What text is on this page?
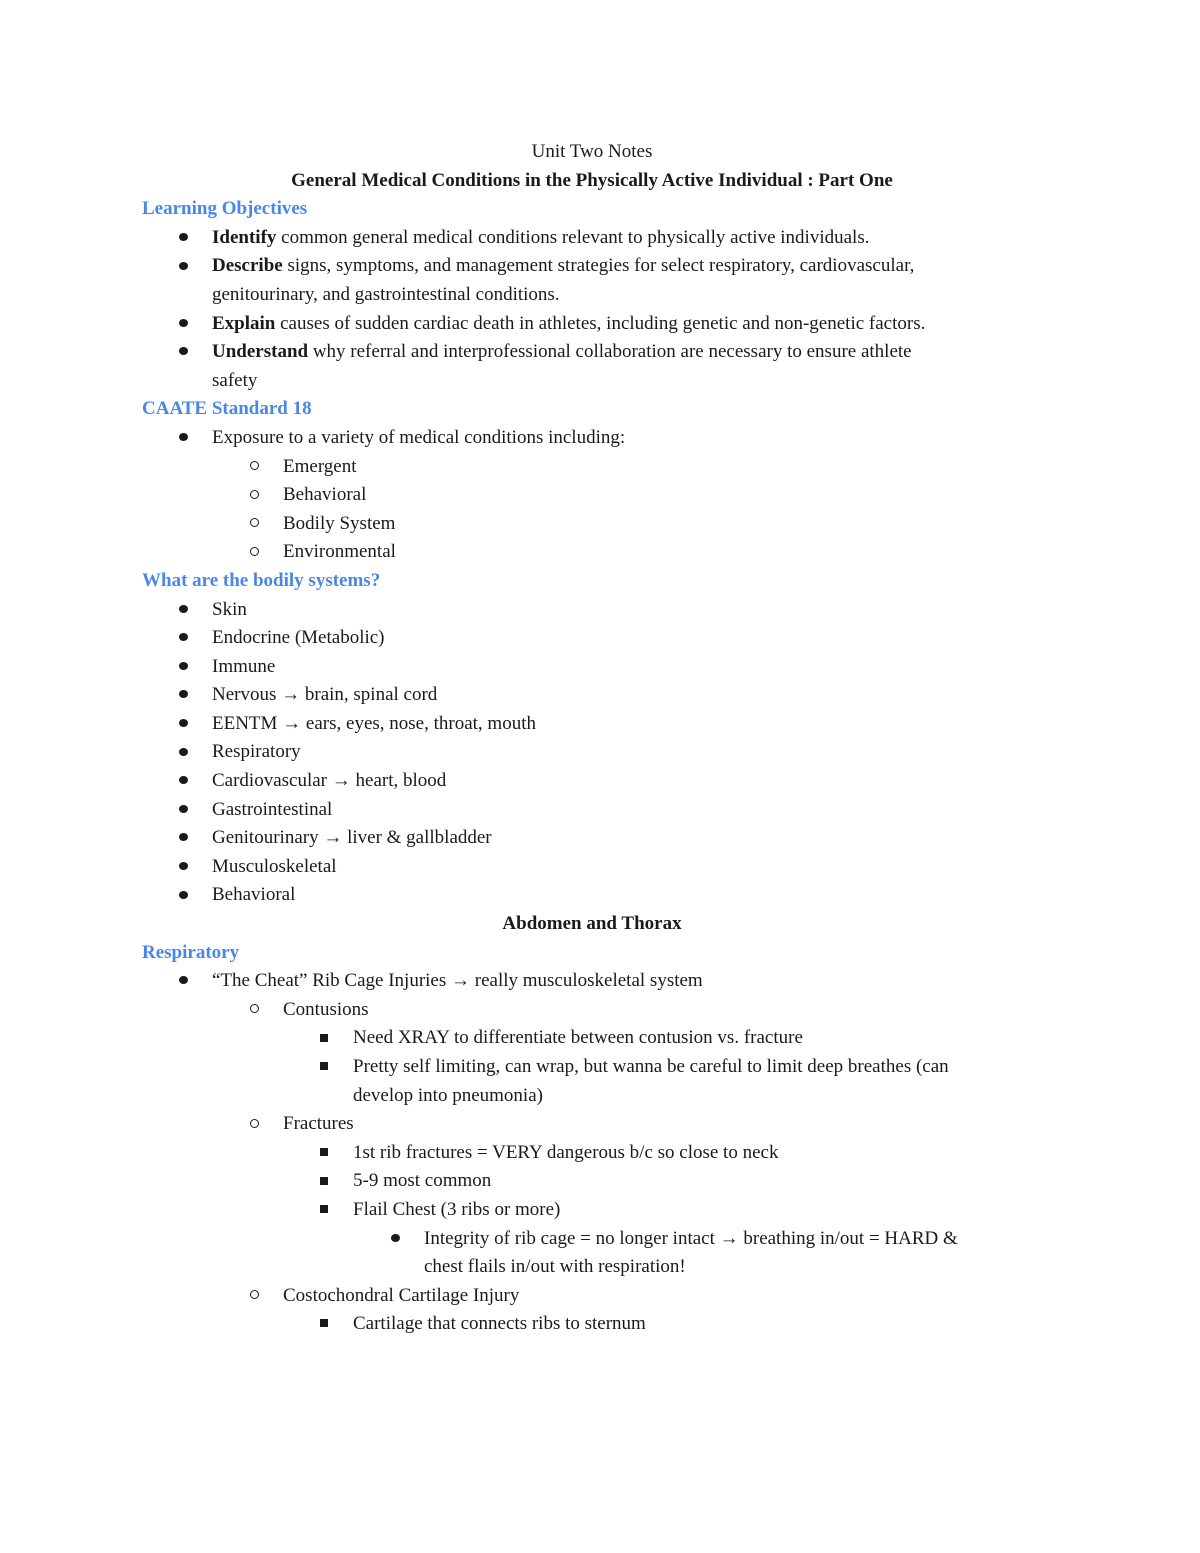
Unit Two Notes
General Medical Conditions in the Physically Active Individual : Part One
Learning Objectives
Identify common general medical conditions relevant to physically active individuals.
Describe signs, symptoms, and management strategies for select respiratory, cardiovascular,
genitourinary, and gastrointestinal conditions.
Explain causes of sudden cardiac death in athletes, including genetic and non-genetic factors.
Understand why referral and interprofessional collaboration are necessary to ensure athlete
safety
CAATE Standard 18
Exposure to a variety of medical conditions including:
Emergent
Behavioral
Bodily System
Environmental
What are the bodily systems?
Skin
Endocrine (Metabolic)
Immune
Nervous → brain, spinal cord
EENTM → ears, eyes, nose, throat, mouth
Respiratory
Cardiovascular → heart, blood
Gastrointestinal
Genitourinary → liver & gallbladder
Musculoskeletal
Behavioral
Abdomen and Thorax
Respiratory
“The Cheat” Rib Cage Injuries → really musculoskeletal system
Contusions
Need XRAY to differentiate between contusion vs. fracture
Pretty self limiting, can wrap, but wanna be careful to limit deep breathes (can
develop into pneumonia)
Fractures
1st rib fractures = VERY dangerous b/c so close to neck
5-9 most common
Flail Chest (3 ribs or more)
Integrity of rib cage = no longer intact → breathing in/out = HARD &
chest flails in/out with respiration!
Costochondral Cartilage Injury
Cartilage that connects ribs to sternum
